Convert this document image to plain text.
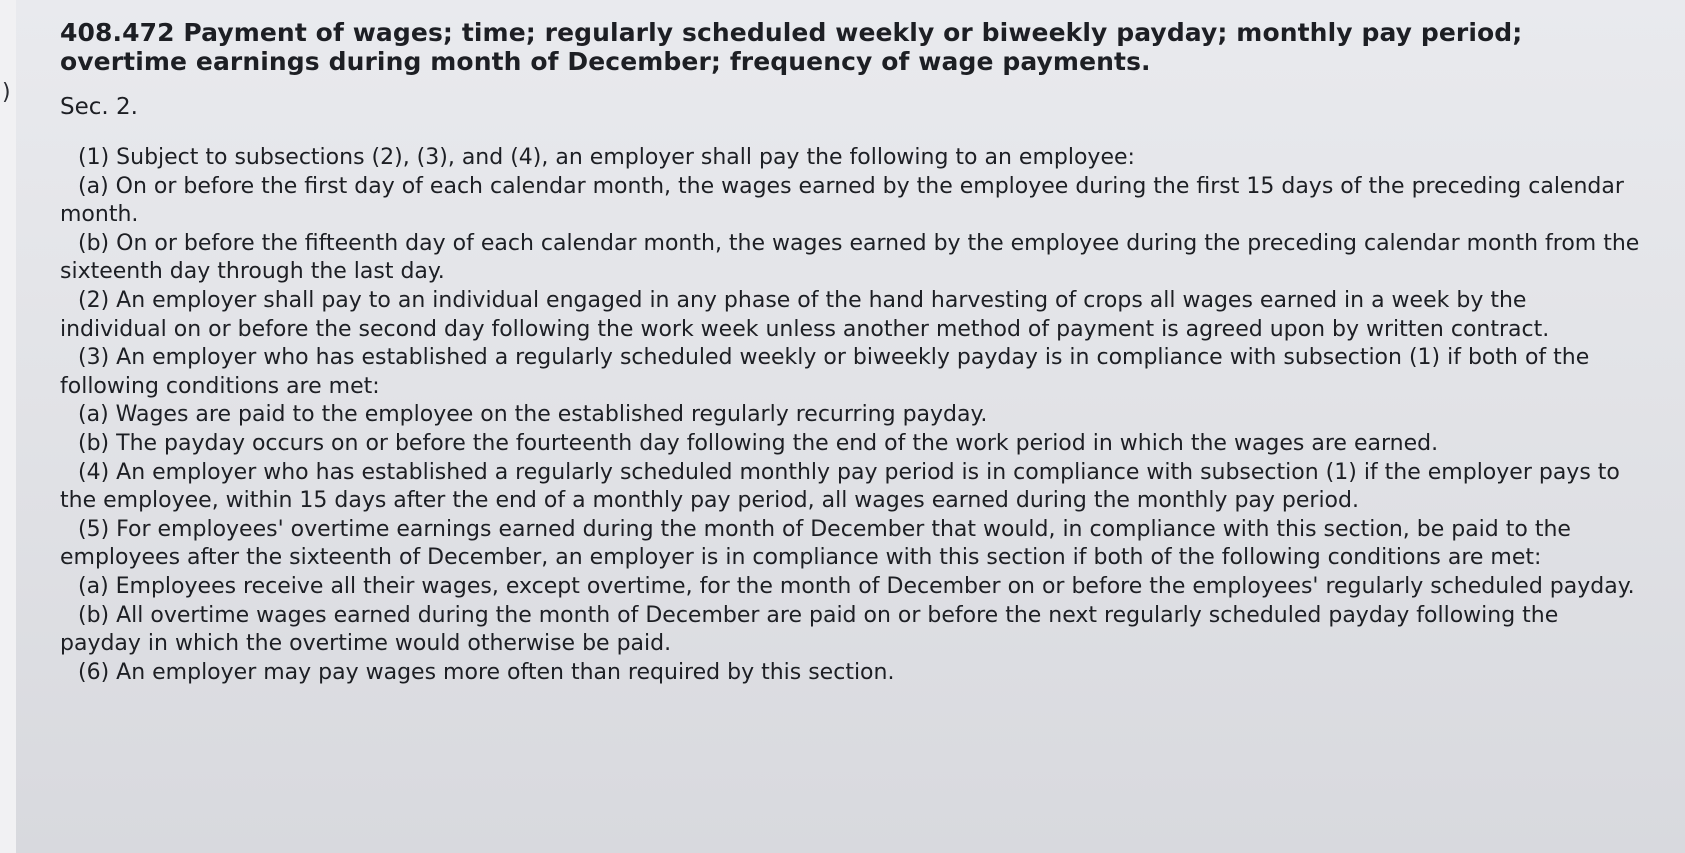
)
408.472 Payment of wages; time; regularly scheduled weekly or biweekly payday; monthly pay period; overtime earnings during month of December; frequency of wage payments.
Sec. 2.

(1) Subject to subsections (2), (3), and (4), an employer shall pay the following to an employee:

(a) On or before the first day of each calendar month, the wages earned by the employee during the first 15 days of the preceding calendar month.

(b) On or before the fifteenth day of each calendar month, the wages earned by the employee during the preceding calendar month from the sixteenth day through the last day.

(2) An employer shall pay to an individual engaged in any phase of the hand harvesting of crops all wages earned in a week by the individual on or before the second day following the work week unless another method of payment is agreed upon by written contract.

(3) An employer who has established a regularly scheduled weekly or biweekly payday is in compliance with subsection (1) if both of the following conditions are met:

(a) Wages are paid to the employee on the established regularly recurring payday.

(b) The payday occurs on or before the fourteenth day following the end of the work period in which the wages are earned.

(4) An employer who has established a regularly scheduled monthly pay period is in compliance with subsection (1) if the employer pays to the employee, within 15 days after the end of a monthly pay period, all wages earned during the monthly pay period.

(5) For employees' overtime earnings earned during the month of December that would, in compliance with this section, be paid to the employees after the sixteenth of December, an employer is in compliance with this section if both of the following conditions are met:

(a) Employees receive all their wages, except overtime, for the month of December on or before the employees' regularly scheduled payday.

(b) All overtime wages earned during the month of December are paid on or before the next regularly scheduled payday following the payday in which the overtime would otherwise be paid.

(6) An employer may pay wages more often than required by this section.
